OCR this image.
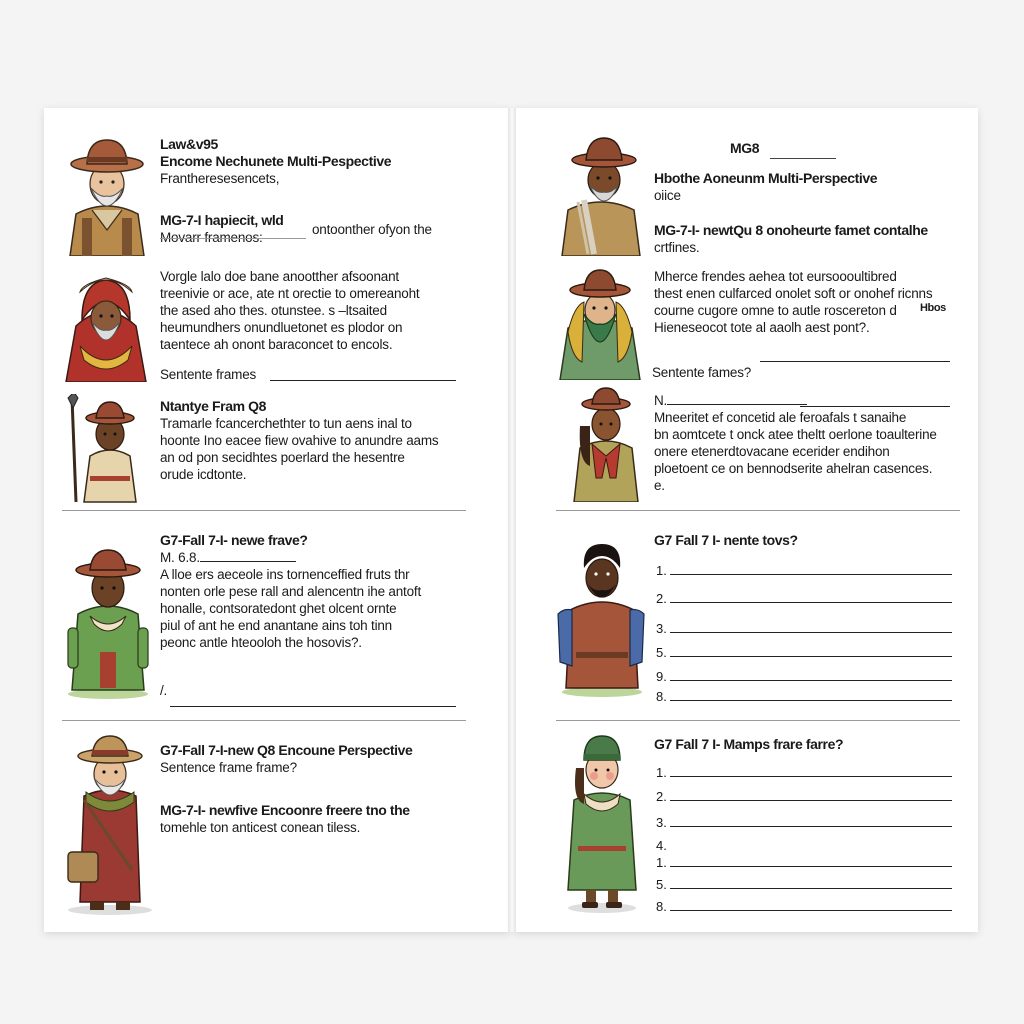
Law&v95

Encome Nechunete Multi-Pespective

Frantheresesencets,

MG-7-I hapiecit, wld

Movarr framenos:

ontoonther ofyon the

Vorgle lalo doe bane anootther afsoonant

treenivie or ace, ate nt orectie to omereanoht

the ased aho thes. otunstee. s –ltsaited

heumundhers onundluetonet es plodor on

taentece ah onont baraconcet to encols.

Sentente frames

Ntantye Fram Q8

Tramarle fcancerchethter to tun aens inal to

hoonte Ino eacee fiew ovahive to anundre aams

an od pon secidhtes poerlard the hesentre

orude icdtonte.

G7-Fall 7-I- newe frave?

M. 6.8.

A lloe ers aeceole ins tornenceffied fruts thr

nonten orle pese rall and alencentn ihe antoft

honalle, contsoratedont ghet olcent ornte

piul of ant he end anantane ains toh tinn

peonc antle hteooloh the hosovis?.

/.

G7-Fall 7-I-new Q8 Encoune Perspective

Sentence frame frame?

MG-7-I- newfive Encoonre freere tno the

tomehle ton anticest conean tiless.

MG8

Hbothe Aoneunm Multi-Perspective

oiice

MG-7-I- newtQu 8 onoheurte famet contalhe

crtfines.

Mherce frendes aehea tot eursoooultibred

thest enen culfarced onolet soft or onohef ricnns

courne cugore omne to autle roscereton d

Hieneseocot tote al aaolh aest pont?.

Hbos
Sentente fames?

N.

Mneeritet ef concetid ale feroafals t sanaihe

bn aomtcete t onck atee theltt oerlone toaulterine

onere etenerdtovacane ecerider endihon

ploetoent ce on bennodserite ahelran casences.

e.

G7 Fall 7 I- nente tovs?

1.
2.
3.
5.
9.
8.

G7 Fall 7 I- Mamps frare farre?

1.
2.
3.
4.
1.
5.
8.
